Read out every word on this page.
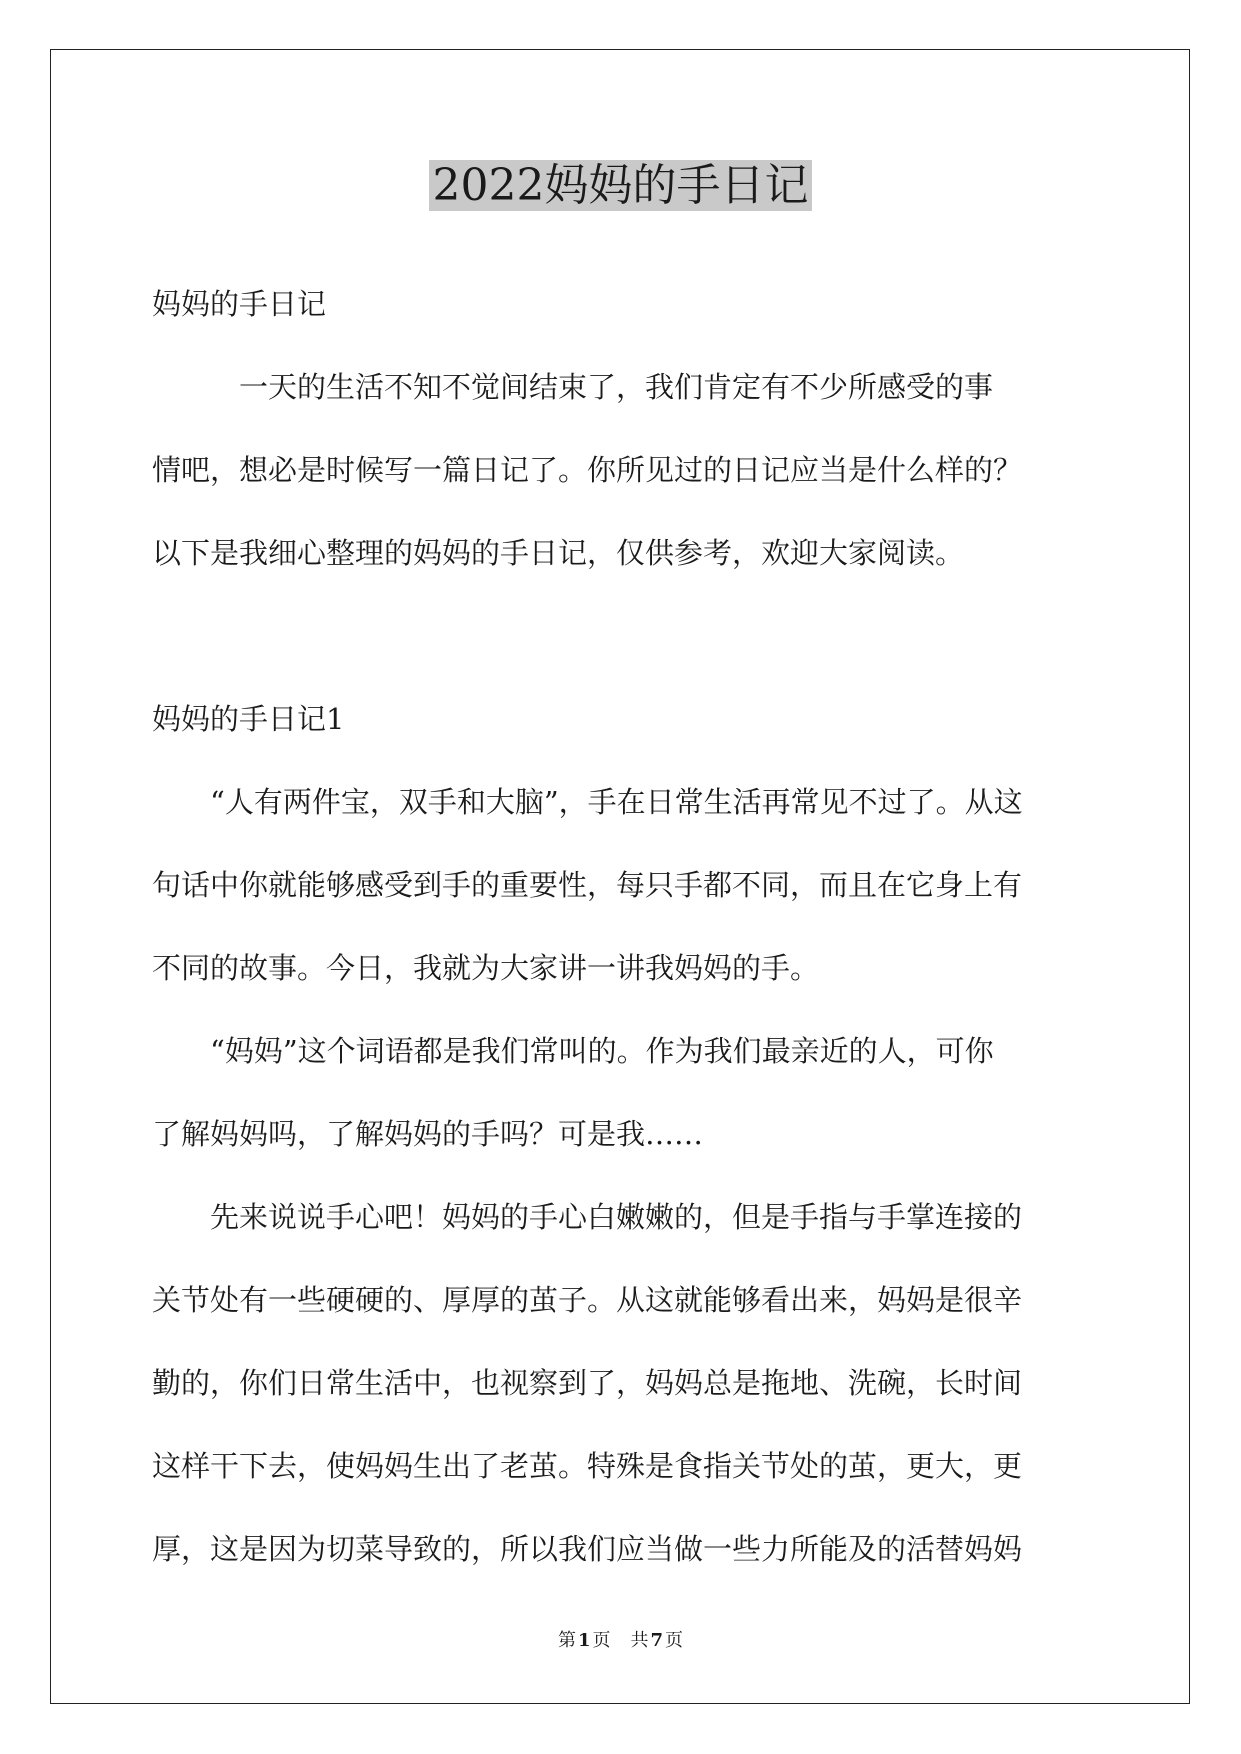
2022妈妈的手日记

妈妈的手日记

　　　一天的生活不知不觉间结束了，我们肯定有不少所感受的事

情吧，想必是时候写一篇日记了。你所见过的日记应当是什么样的？

以下是我细心整理的妈妈的手日记，仅供参考，欢迎大家阅读。

妈妈的手日记1

　　“人有两件宝，双手和大脑”，手在日常生活再常见不过了。从这

句话中你就能够感受到手的重要性，每只手都不同，而且在它身上有

不同的故事。今日，我就为大家讲一讲我妈妈的手。

　　“妈妈”这个词语都是我们常叫的。作为我们最亲近的人，可你

了解妈妈吗，了解妈妈的手吗？可是我……

　　先来说说手心吧！妈妈的手心白嫩嫩的，但是手指与手掌连接的

关节处有一些硬硬的、厚厚的茧子。从这就能够看出来，妈妈是很辛

勤的，你们日常生活中，也视察到了，妈妈总是拖地、洗碗，长时间

这样干下去，使妈妈生出了老茧。特殊是食指关节处的茧，更大，更

厚，这是因为切菜导致的，所以我们应当做一些力所能及的活替妈妈

第 1 页 共 7 页
